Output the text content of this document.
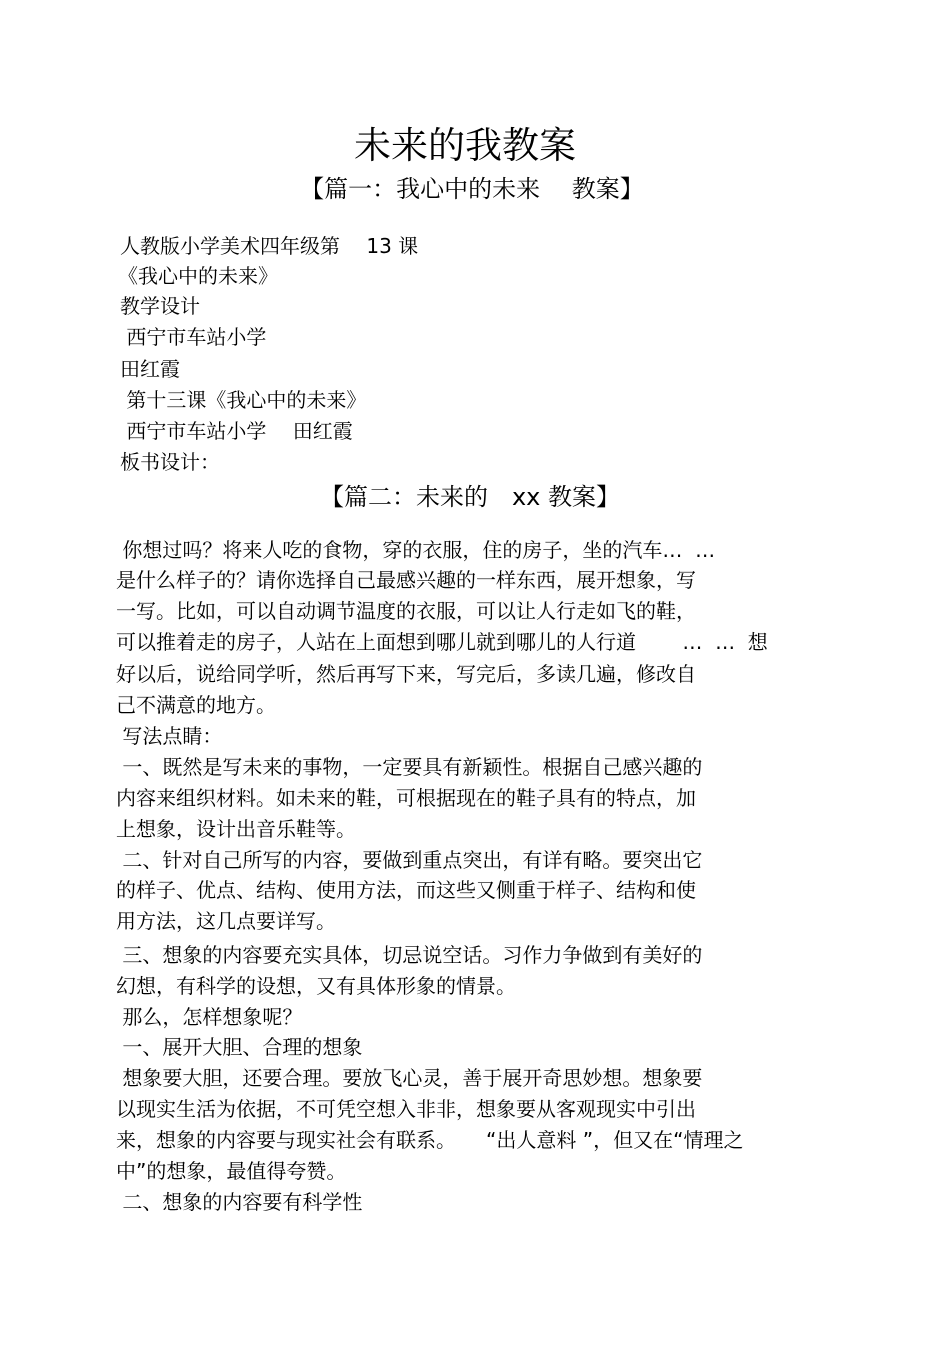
未来的我教案
【篇一：我心中的未来　 教案】

人教版小学美术四年级第　 13 课

《我心中的未来》

教学设计

西宁市车站小学

田红霞

第十三课《我心中的未来》

西宁市车站小学　 田红霞

板书设计：

【篇二：未来的　xx 教案】

你想过吗？将来人吃的食物，穿的衣服，住的房子，坐的汽车…  …

是什么样子的？请你选择自己最感兴趣的一样东西，展开想象，写

一写。比如，可以自动调节温度的衣服，可以让人行走如飞的鞋，

可以推着走的房子，人站在上面想到哪儿就到哪儿的人行道　　 …  …  想

好以后，说给同学听，然后再写下来，写完后，多读几遍，修改自

己不满意的地方。

写法点睛：

一、既然是写未来的事物，一定要具有新颖性。根据自己感兴趣的

内容来组织材料。如未来的鞋，可根据现在的鞋子具有的特点，加

上想象，设计出音乐鞋等。

二、针对自己所写的内容，要做到重点突出，有详有略。要突出它

的样子、优点、结构、使用方法，而这些又侧重于样子、结构和使

用方法，这几点要详写。

三、想象的内容要充实具体，切忌说空话。习作力争做到有美好的

幻想，有科学的设想，又有具体形象的情景。

那么，怎样想象呢？

一、展开大胆、合理的想象

想象要大胆，还要合理。要放飞心灵，善于展开奇思妙想。想象要

以现实生活为依据，不可凭空想入非非，想象要从客观现实中引出

来，想象的内容要与现实社会有联系。　　“出人意料 ”，但又在“情理之

中”的想象，最值得夸赞。

二、想象的内容要有科学性
